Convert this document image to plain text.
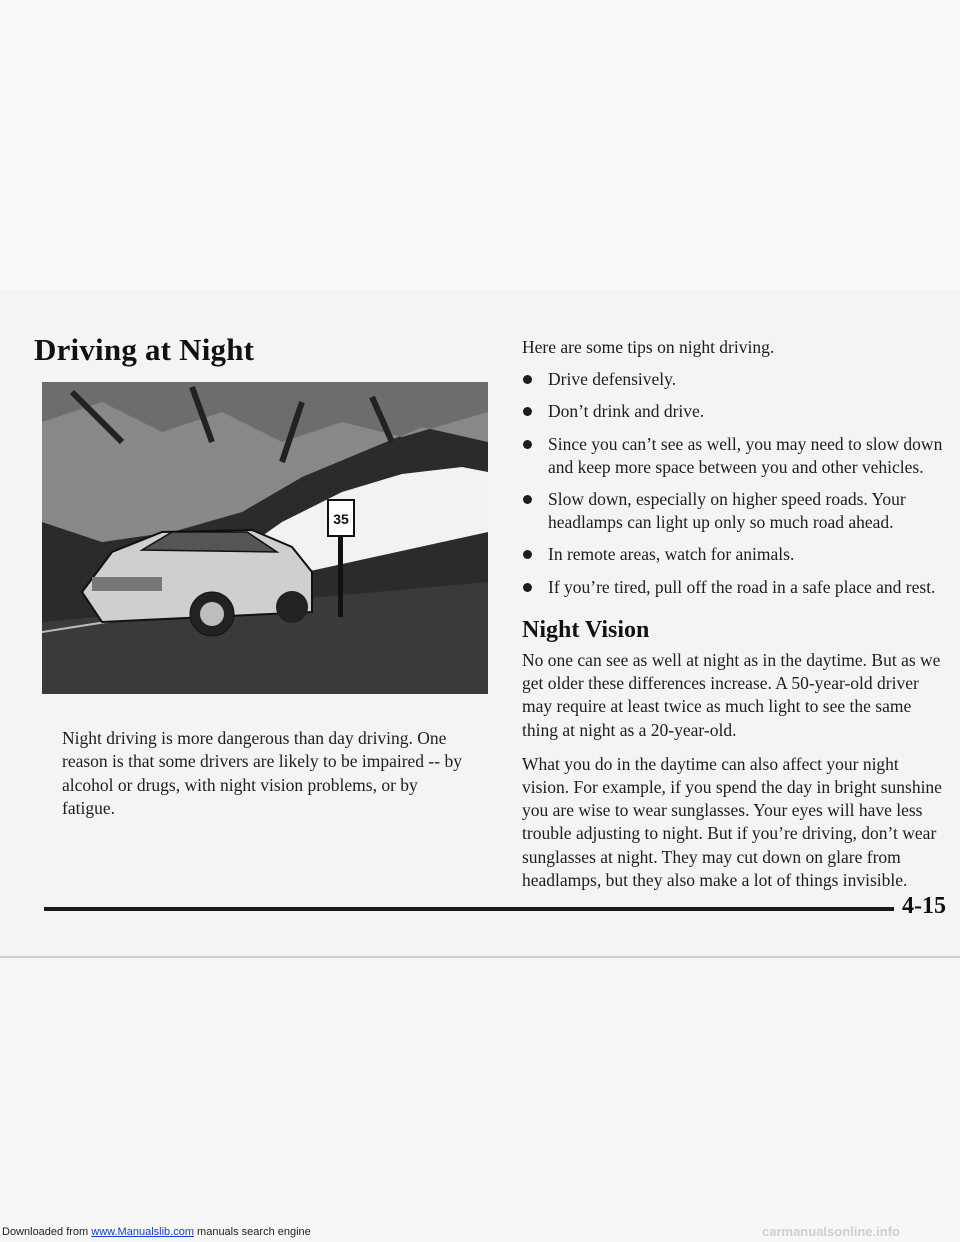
Driving at Night
35
Night driving is more dangerous than day driving. One reason is that some drivers are likely to be impaired -- by alcohol or drugs, with night vision problems, or by fatigue.

Here are some tips on night driving.

Drive defensively.
Don’t drink and drive.
Since you can’t see as well, you may need to slow down and keep more space between you and other vehicles.
Slow down, especially on higher speed roads. Your headlamps can light up only so much road ahead.
In remote areas, watch for animals.
If you’re tired, pull off the road in a safe place and rest.
Night Vision

No one can see as well at night as in the daytime. But as we get older these differences increase. A 50-year-old driver may require at least twice as much light to see the same thing at night as a 20-year-old.

What you do in the daytime can also affect your night vision. For example, if you spend the day in bright sunshine you are wise to wear sunglasses. Your eyes will have less trouble adjusting to night. But if you’re driving, don’t wear sunglasses at night. They may cut down on glare from headlamps, but they also make a lot of things invisible.

4-15
Downloaded from www.Manualslib.com manuals search engine	carmanualsonline.info
